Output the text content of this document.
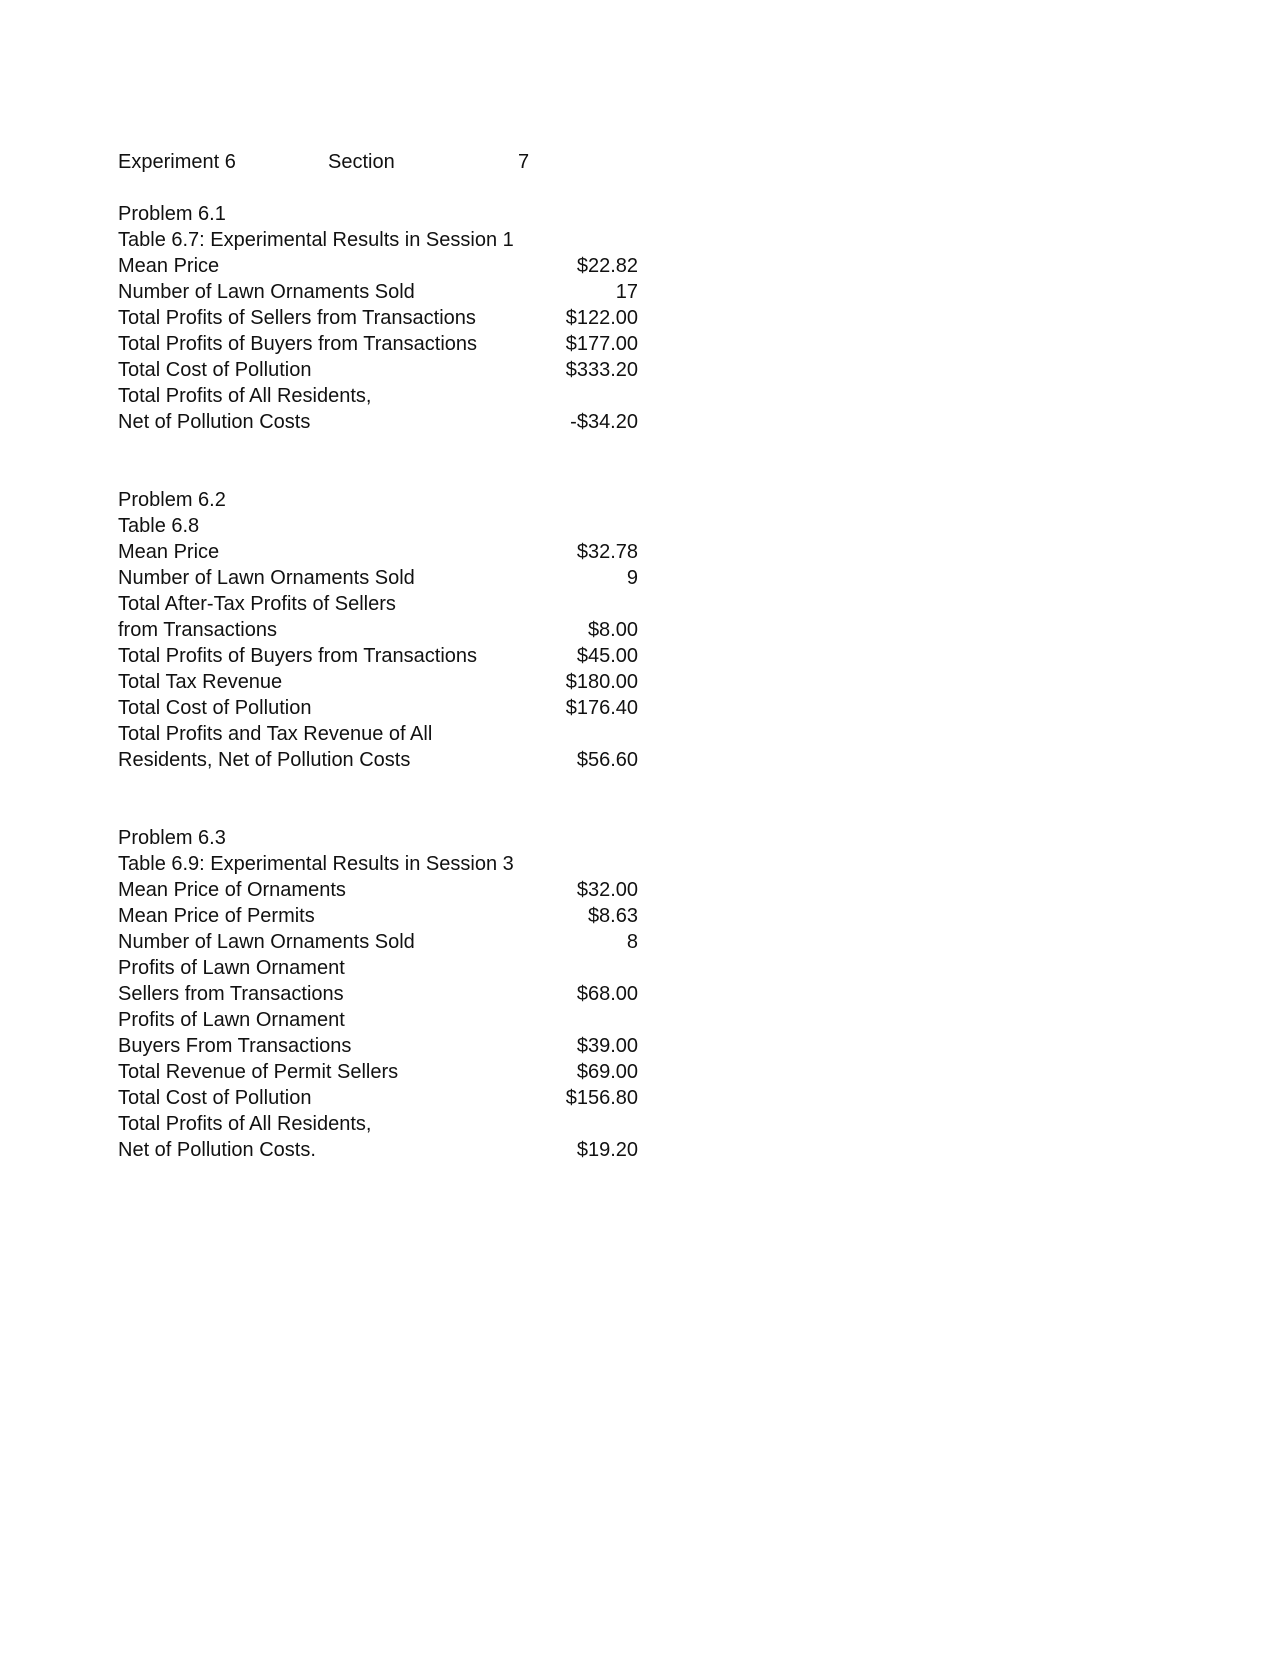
Experiment 6	Section	7
Problem 6.1
Table 6.7: Experimental Results in Session 1
Mean Price	$22.82
Number of Lawn Ornaments Sold	17
Total Profits of Sellers from Transactions	$122.00
Total Profits of Buyers from Transactions	$177.00
Total Cost of Pollution	$333.20
Total Profits of All Residents,
Net of Pollution Costs	-$34.20
Problem 6.2
Table 6.8
Mean Price	$32.78
Number of Lawn Ornaments Sold	9
Total After-Tax Profits of Sellers
from Transactions	$8.00
Total Profits of Buyers from Transactions	$45.00
Total Tax Revenue	$180.00
Total Cost of Pollution	$176.40
Total Profits and Tax Revenue of All
Residents, Net of Pollution Costs	$56.60
Problem 6.3
Table 6.9: Experimental Results in Session 3
Mean Price of Ornaments	$32.00
Mean Price of Permits	$8.63
Number of Lawn Ornaments Sold	8
Profits of Lawn Ornament
Sellers from Transactions	$68.00
Profits of Lawn Ornament
Buyers From Transactions	$39.00
Total Revenue of Permit Sellers	$69.00
Total Cost of Pollution	$156.80
Total Profits of All Residents,
Net of Pollution Costs.	$19.20
